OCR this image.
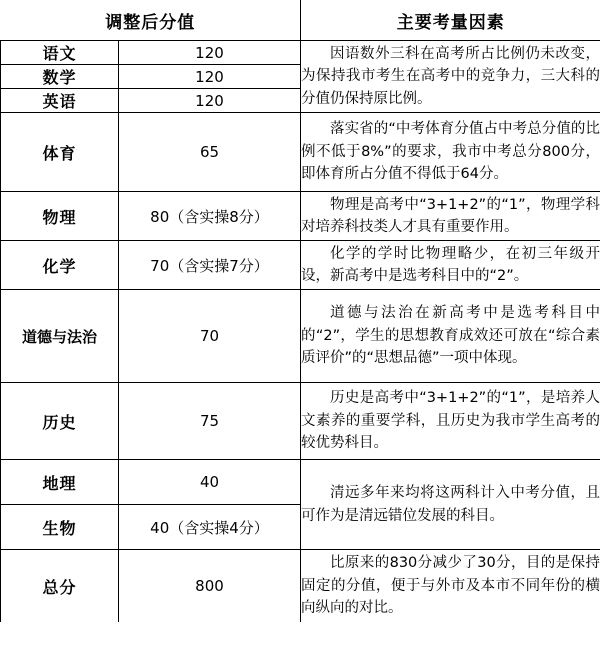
调整后分值		主要考量因素
语文	120	因语数外三科在高考所占比例仍未改变，为保持我市考生在高考中的竞争力，三大科的分值仍保持原比例。
数学	120	
英语	120	
体育	65	落实省的“中考体育分值占中考总分值的比例不低于8%”的要求，我市中考总分800分，即体育所占分值不得低于64分。
物理	80（含实操8分）	物理是高考中“3+1+2”的“1”，物理学科对培养科技类人才具有重要作用。
化学	70（含实操7分）	化学的学时比物理略少，在初三年级开设，新高考中是选考科目中的“2”。
道德与法治	70	道德与法治在新高考中是选考科目中的“2”，学生的思想教育成效还可放在“综合素质评价”的“思想品德”一项中体现。
历史	75	历史是高考中“3+1+2”的“1”，是培养人文素养的重要学科，且历史为我市学生高考的较优势科目。
地理	40	清远多年来均将这两科计入中考分值，且可作为是清远错位发展的科目。
生物	40（含实操4分）	
总分	800	比原来的830分减少了30分，目的是保持固定的分值，便于与外市及本市不同年份的横向纵向的对比。
